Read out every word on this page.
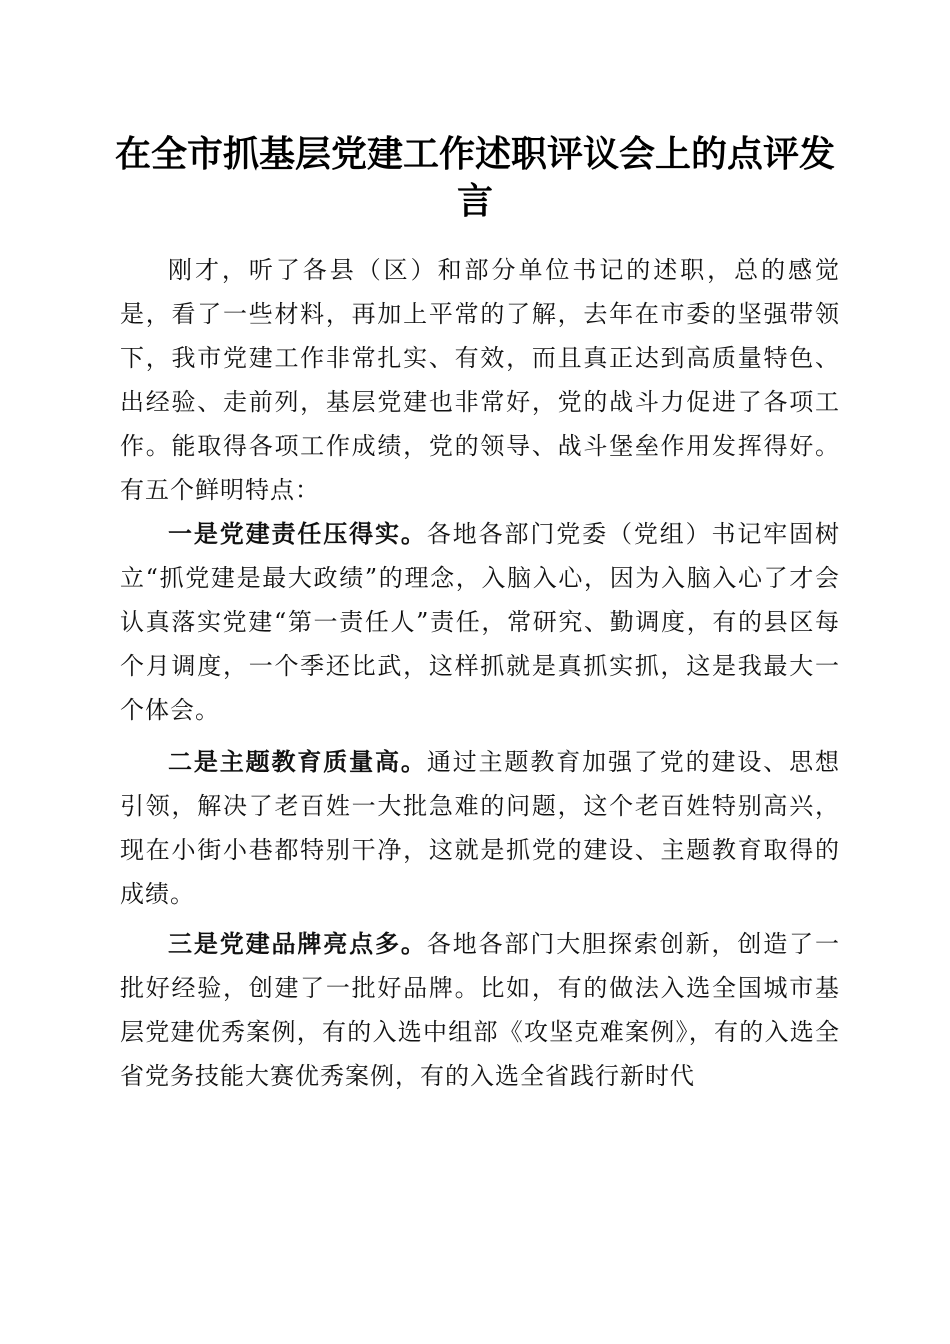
在全市抓基层党建工作述职评议会上的点评发言

刚才，听了各县（区）和部分单位书记的述职，总的感觉是，看了一些材料，再加上平常的了解，去年在市委的坚强带领下，我市党建工作非常扎实、有效，而且真正达到高质量特色、出经验、走前列，基层党建也非常好，党的战斗力促进了各项工作。能取得各项工作成绩，党的领导、战斗堡垒作用发挥得好。有五个鲜明特点：

一是党建责任压得实。各地各部门党委（党组）书记牢固树立“抓党建是最大政绩”的理念，入脑入心，因为入脑入心了才会认真落实党建“第一责任人”责任，常研究、勤调度，有的县区每个月调度，一个季还比武，这样抓就是真抓实抓，这是我最大一个体会。

二是主题教育质量高。通过主题教育加强了党的建设、思想引领，解决了老百姓一大批急难的问题，这个老百姓特别高兴，现在小街小巷都特别干净，这就是抓党的建设、主题教育取得的成绩。

三是党建品牌亮点多。各地各部门大胆探索创新，创造了一批好经验，创建了一批好品牌。比如，有的做法入选全国城市基层党建优秀案例，有的入选中组部《攻坚克难案例》，有的入选全省党务技能大赛优秀案例，有的入选全省践行新时代
